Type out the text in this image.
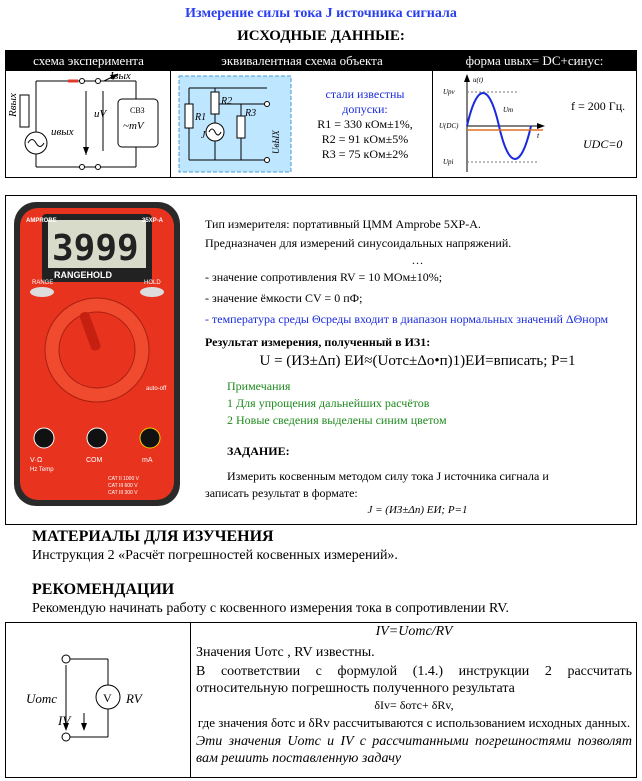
Измерение силы тока J источника сигнала
ИСХОДНЫЕ ДАННЫЕ:
схема эксперимента	эквивалентная схема объекта	форма uвых= DC+синус:
Rвых
Iвых
uV
uвых
СВЗ
~mV
R1
R2
R3
J	UвЫХ
стали известны
допуски:
R1 = 330 кОм±1%,
R2 = 91 кОм±5%
R3 = 75 кОм±2%
u(t)
Uрv
U(DC)
Uрi
Uт
t
f = 200 Гц.
UDC=0
3999
RANGEHOLD
AMPROBE	35XP-A
RANGE	HOLD
auto-off
V·Ω
Hz Temp
COM	mA
CAT II 1000 V
CAT III 600 V
CAT III 300 V
Тип измерителя: портативный ЦММ Amprobe 5XP-A.
Предназначен для измерений синусоидальных напряжений.
…
- значение сопротивления RV = 10 МОм±10%;
- значение ёмкости CV = 0 пФ;
- температура среды Θсреды входит в диапазон нормальных значений ΔΘнорм
Результат измерения, полученный в ИЗ1:
U = (ИЗ±Δп) ЕИ≈(Uотс±Δо•п)1)ЕИ=вписать; P=1
Примечания
1 Для упрощения дальнейших расчётов
2 Новые сведения выделены синим цветом
ЗАДАНИЕ:
Измерить косвенным методом силу тока J источника сигнала и
записать результат в формате:
J = (ИЗ±Δп) ЕИ; P=1
МАТЕРИАЛЫ ДЛЯ ИЗУЧЕНИЯ
Инструкция 2 «Расчёт погрешностей косвенных измерений».
РЕКОМЕНДАЦИИ
Рекомендую начинать работу с косвенного измерения тока в сопротивлении RV.
V RV
Uотс
IV
IV=Uотс/RV
Значения Uотс , RV известны.
В соответствии с формулой (1.4.) инструкции 2 рассчитать относительную погрешность полученного результата
δIv= δотс+ δRv,
где значения δотс и δRv рассчитываются с использованием исходных данных.
Эти значения Uотс и IV с рассчитанными погрешностями позволят вам решить поставленную задачу
